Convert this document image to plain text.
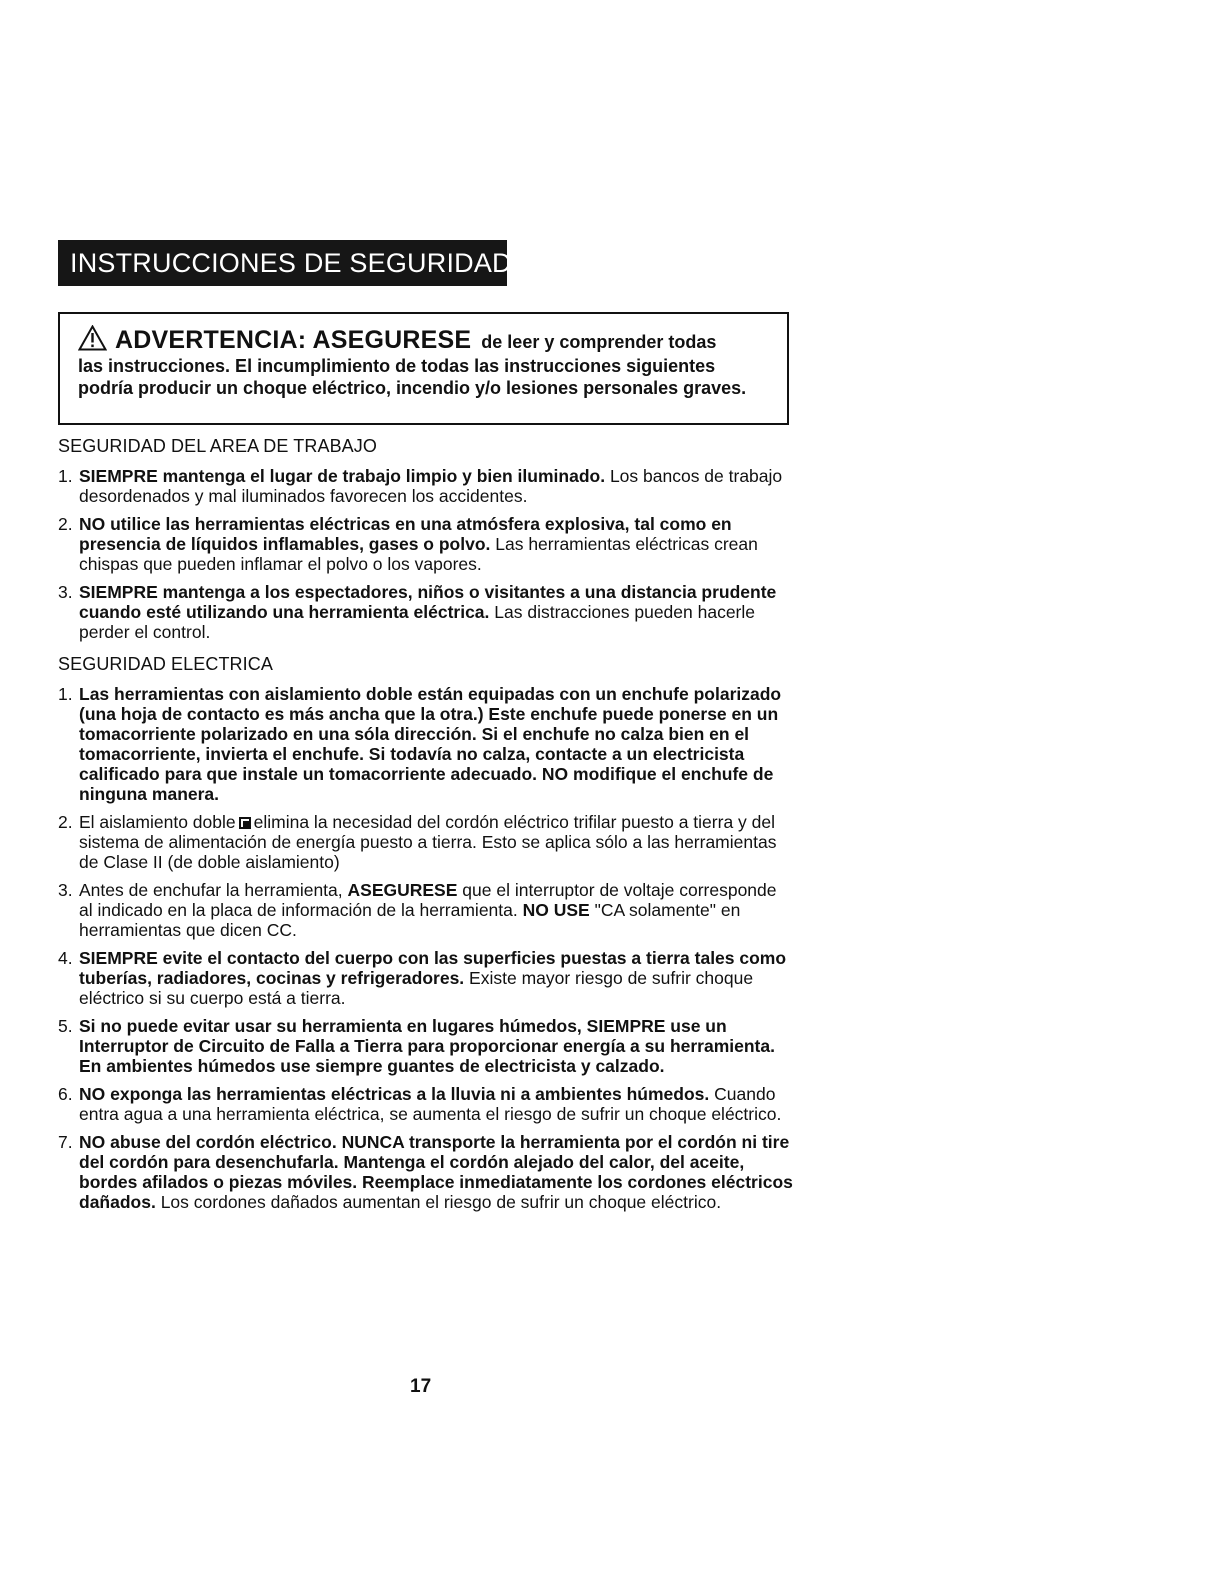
INSTRUCCIONES DE SEGURIDAD
ADVERTENCIA: ASEGURESE de leer y comprender todas
las instrucciones. El incumplimiento de todas las instrucciones siguientes podría producir un choque eléctrico, incendio y/o lesiones personales graves.
SEGURIDAD DEL AREA DE TRABAJO
1. SIEMPRE mantenga el lugar de trabajo limpio y bien iluminado. Los bancos de trabajo desordenados y mal iluminados favorecen los accidentes.
2. NO utilice las herramientas eléctricas en una atmósfera explosiva, tal como en presencia de líquidos inflamables, gases o polvo. Las herramientas eléctricas crean chispas que pueden inflamar el polvo o los vapores.
3. SIEMPRE mantenga a los espectadores, niños o visitantes a una distancia prudente cuando esté utilizando una herramienta eléctrica. Las distracciones pueden hacerle perder el control.
SEGURIDAD ELECTRICA
1. Las herramientas con aislamiento doble están equipadas con un enchufe polarizado (una hoja de contacto es más ancha que la otra.) Este enchufe puede ponerse en un tomacorriente polarizado en una sóla dirección. Si el enchufe no calza bien en el tomacorriente, invierta el enchufe. Si todavía no calza, contacte a un electricista calificado para que instale un tomacorriente adecuado. NO modifique el enchufe de ninguna manera.
2. El aislamiento doble elimina la necesidad del cordón eléctrico trifilar puesto a tierra y del sistema de alimentación de energía puesto a tierra. Esto se aplica sólo a las herramientas de Clase II (de doble aislamiento)
3. Antes de enchufar la herramienta, ASEGURESE que el interruptor de voltaje corresponde al indicado en la placa de información de la herramienta. NO USE "CA solamente" en herramientas que dicen CC.
4. SIEMPRE evite el contacto del cuerpo con las superficies puestas a tierra tales como tuberías, radiadores, cocinas y refrigeradores. Existe mayor riesgo de sufrir choque eléctrico si su cuerpo está a tierra.
5. Si no puede evitar usar su herramienta en lugares húmedos, SIEMPRE use un Interruptor de Circuito de Falla a Tierra para proporcionar energía a su herramienta. En ambientes húmedos use siempre guantes de electricista y calzado.
6. NO exponga las herramientas eléctricas a la lluvia ni a ambientes húmedos. Cuando entra agua a una herramienta eléctrica, se aumenta el riesgo de sufrir un choque eléctrico.
7. NO abuse del cordón eléctrico. NUNCA transporte la herramienta por el cordón ni tire del cordón para desenchufarla. Mantenga el cordón alejado del calor, del aceite, bordes afilados o piezas móviles. Reemplace inmediatamente los cordones eléctricos dañados. Los cordones dañados aumentan el riesgo de sufrir un choque eléctrico.
17
